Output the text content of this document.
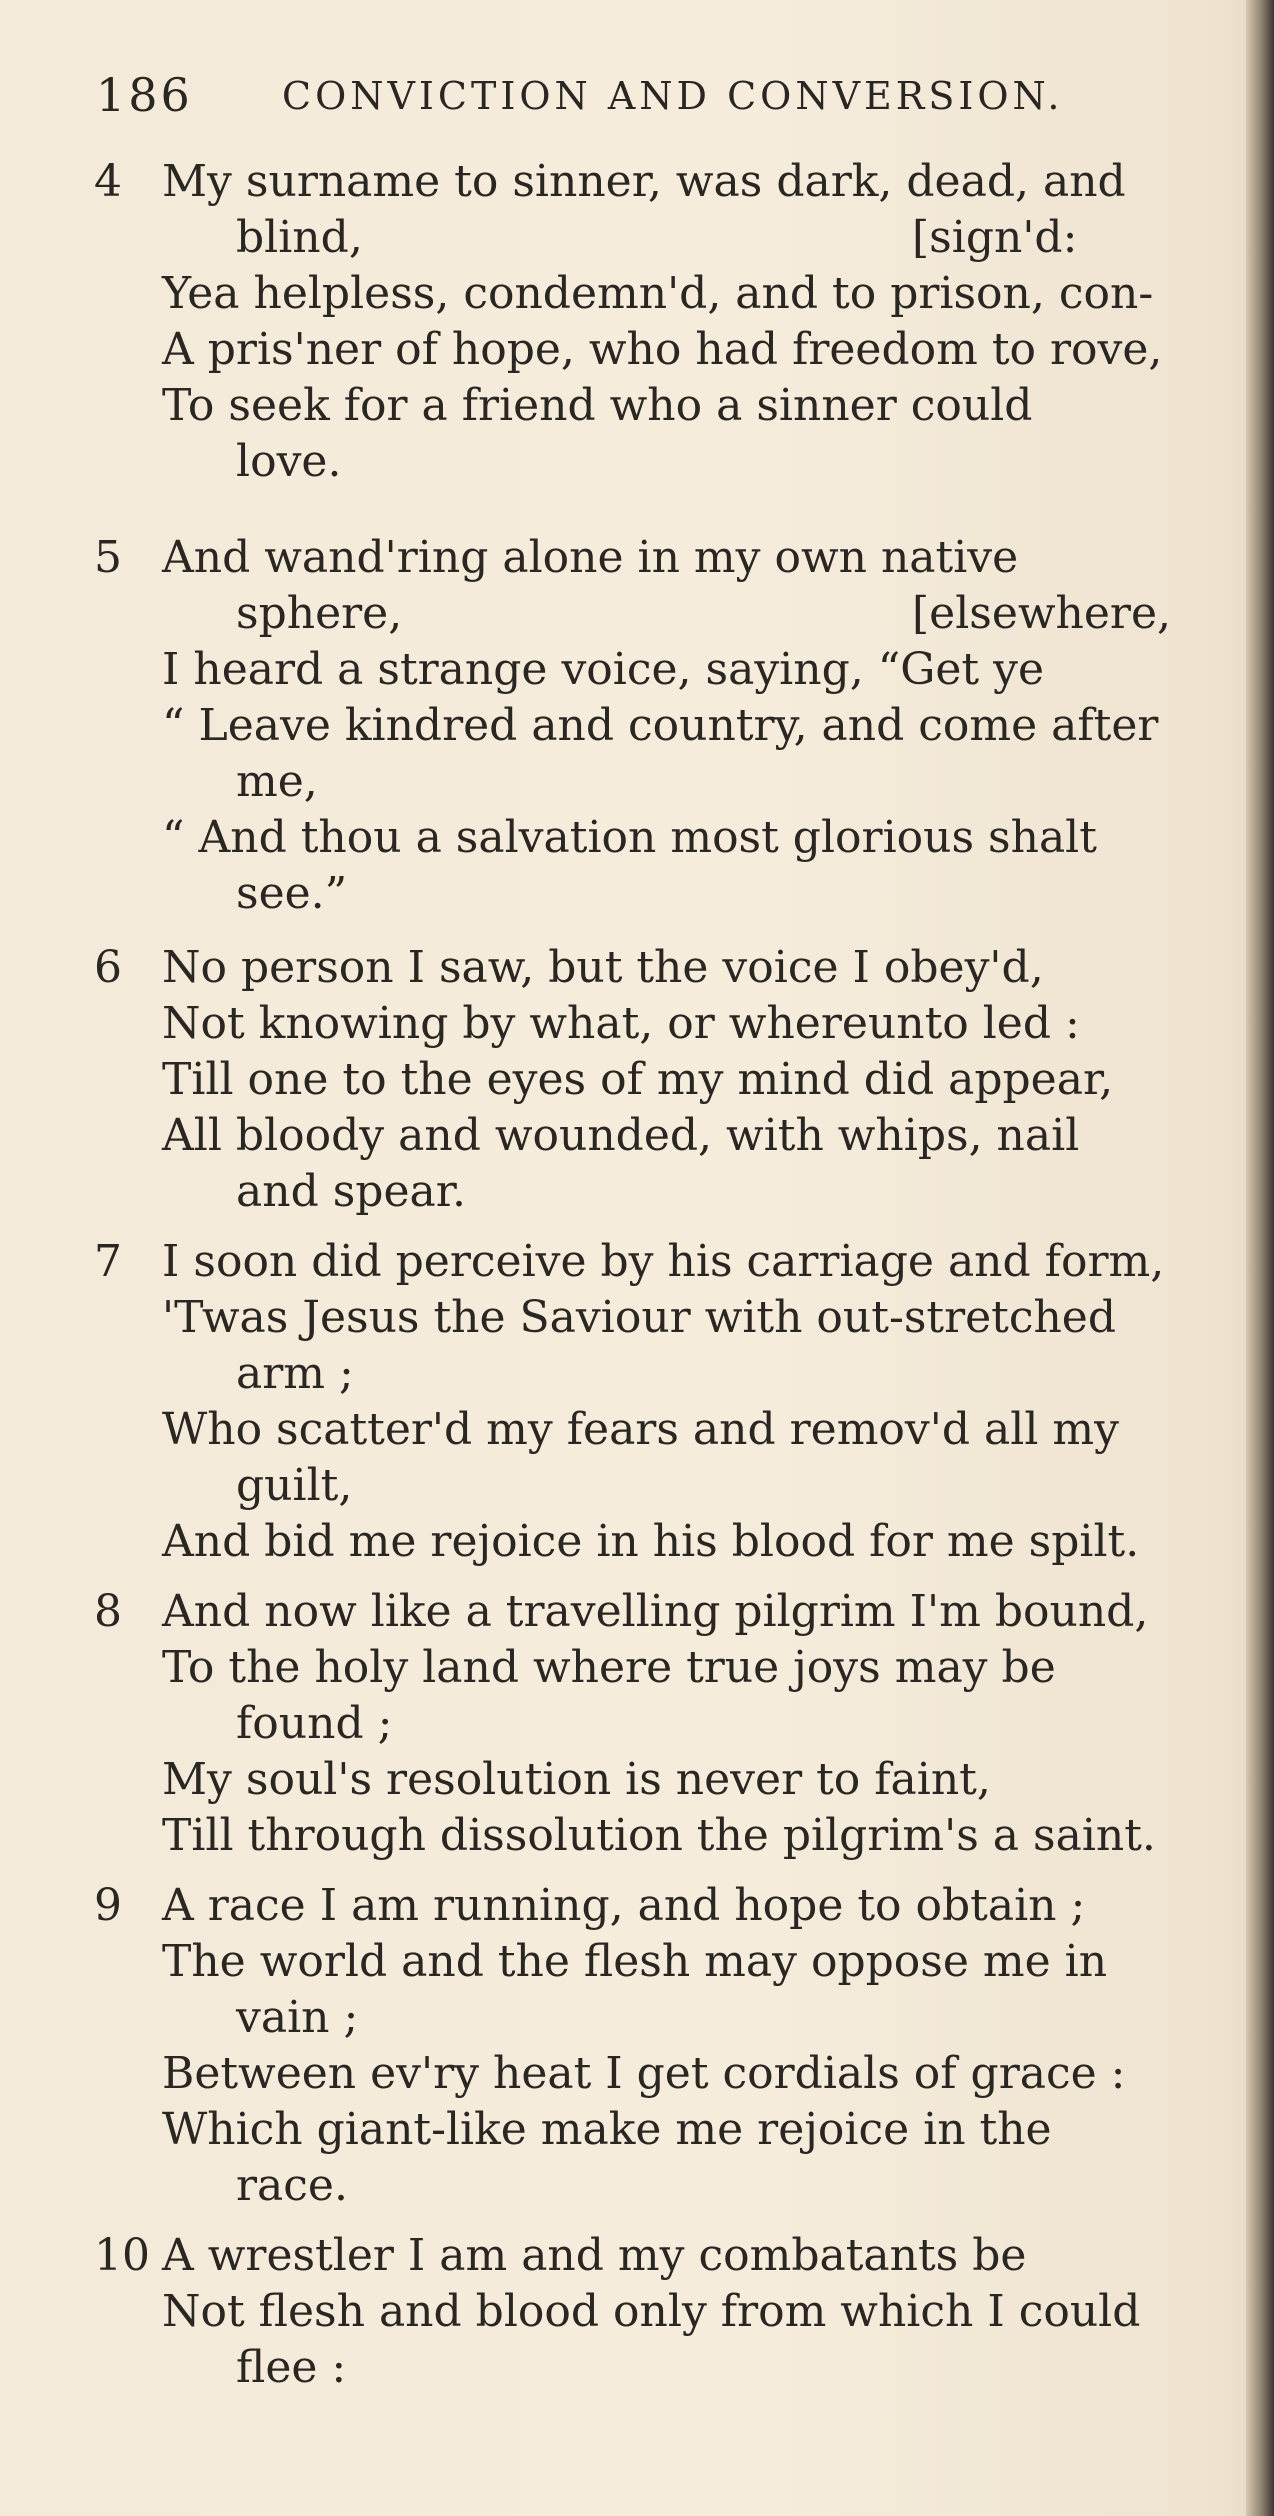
186 CONVICTION AND CONVERSION.
4 My surname to sinner, was dark, dead, and
blind,	[sign'd:
Yea helpless, condemn'd, and to prison, con-
A pris'ner of hope, who had freedom to rove,
To seek for a friend who a sinner could
love.
5 And wand'ring alone in my own native
sphere,	[elsewhere,
I heard a strange voice, saying, “Get ye
“ Leave kindred and country, and come after
me,
“ And thou a salvation most glorious shalt
see.”
6 No person I saw, but the voice I obey'd,
Not knowing by what, or whereunto led :
Till one to the eyes of my mind did appear,
All bloody and wounded, with whips, nail
and spear.
7 I soon did perceive by his carriage and form,
'Twas Jesus the Saviour with out-stretched
arm ;
Who scatter'd my fears and remov'd all my
guilt,
And bid me rejoice in his blood for me spilt.
8 And now like a travelling pilgrim I'm bound,
To the holy land where true joys may be
found ;
My soul's resolution is never to faint,
Till through dissolution the pilgrim's a saint.
9 A race I am running, and hope to obtain ;
The world and the flesh may oppose me in
vain ;
Between ev'ry heat I get cordials of grace :
Which giant-like make me rejoice in the
race.
10 A wrestler I am and my combatants be
Not flesh and blood only from which I could
flee :
